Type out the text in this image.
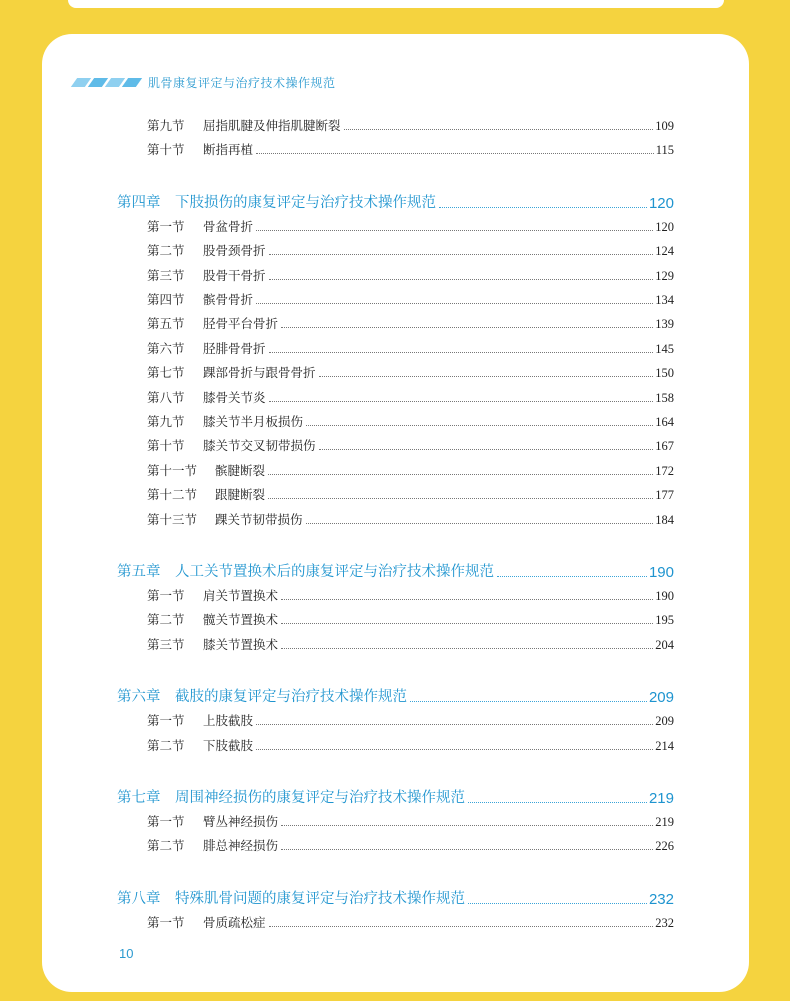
肌骨康复评定与治疗技术操作规范
第九节	屈指肌腱及伸指肌腱断裂	109
第十节	断指再植	115
第四章	下肢损伤的康复评定与治疗技术操作规范	120
第一节	骨盆骨折	120
第二节	股骨颈骨折	124
第三节	股骨干骨折	129
第四节	髌骨骨折	134
第五节	胫骨平台骨折	139
第六节	胫腓骨骨折	145
第七节	踝部骨折与跟骨骨折	150
第八节	膝骨关节炎	158
第九节	膝关节半月板损伤	164
第十节	膝关节交叉韧带损伤	167
第十一节	髌腱断裂	172
第十二节	跟腱断裂	177
第十三节	踝关节韧带损伤	184
第五章	人工关节置换术后的康复评定与治疗技术操作规范	190
第一节	肩关节置换术	190
第二节	髋关节置换术	195
第三节	膝关节置换术	204
第六章	截肢的康复评定与治疗技术操作规范	209
第一节	上肢截肢	209
第二节	下肢截肢	214
第七章	周围神经损伤的康复评定与治疗技术操作规范	219
第一节	臂丛神经损伤	219
第二节	腓总神经损伤	226
第八章	特殊肌骨问题的康复评定与治疗技术操作规范	232
第一节	骨质疏松症	232
10
